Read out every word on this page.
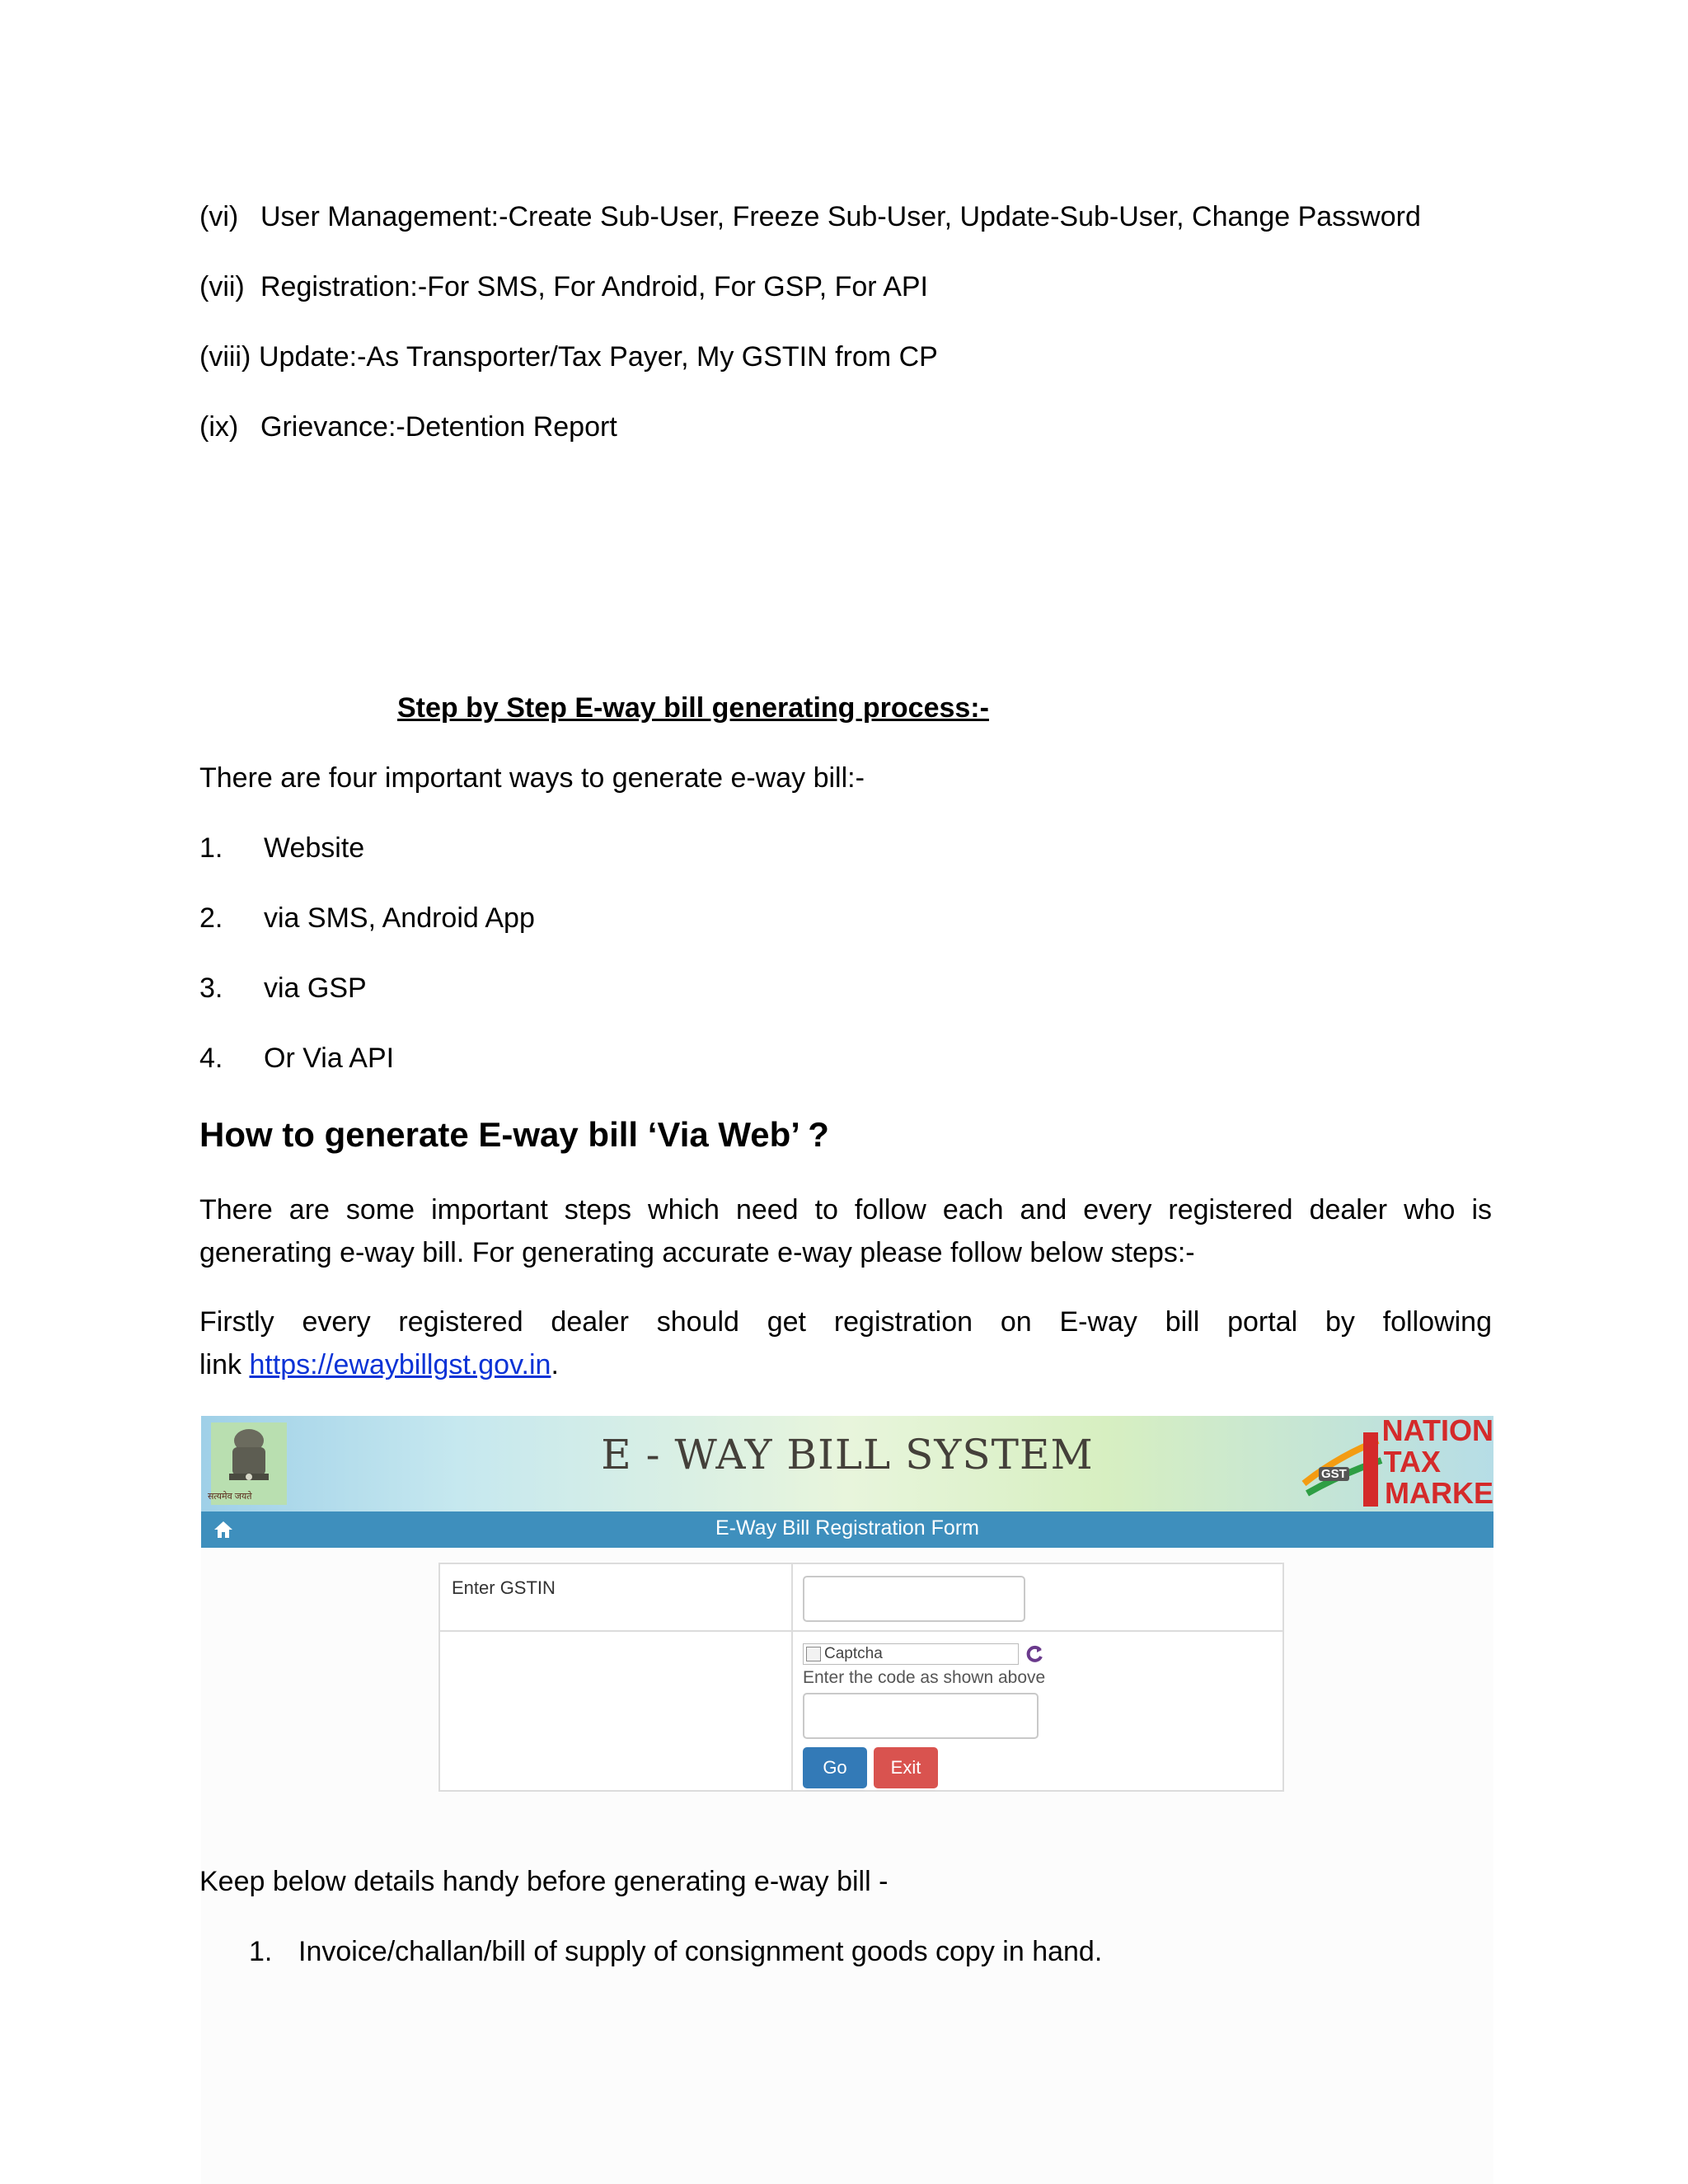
(vi) User Management:-Create Sub-User, Freeze Sub-User, Update-Sub-User, Change Password
(vii) Registration:-For SMS, For Android, For GSP, For API
(viii) Update:-As Transporter/Tax Payer, My GSTIN from CP
(ix) Grievance:-Detention Report
Step by Step E-way bill generating process:-
There are four important ways to generate e-way bill:-
1. Website
2. via SMS, Android App
3. via GSP
4. Or Via API
How to generate E-way bill ‘Via Web’ ?
There are some important steps which need to follow each and every registered dealer who is
generating e-way bill. For generating accurate e-way please follow below steps:-
Firstly every registered dealer should get registration on E-way bill portal by following
link https://ewaybillgst.gov.in.
सत्यमेव जयते
E - WAY BILL SYSTEM	GST
NATION
TAX
MARKE
E-Way Bill Registration Form
Enter GSTIN
Captcha
Enter the code as shown above
Go	Exit
Keep below details handy before generating e-way bill -
1. Invoice/challan/bill of supply of consignment goods copy in hand.
